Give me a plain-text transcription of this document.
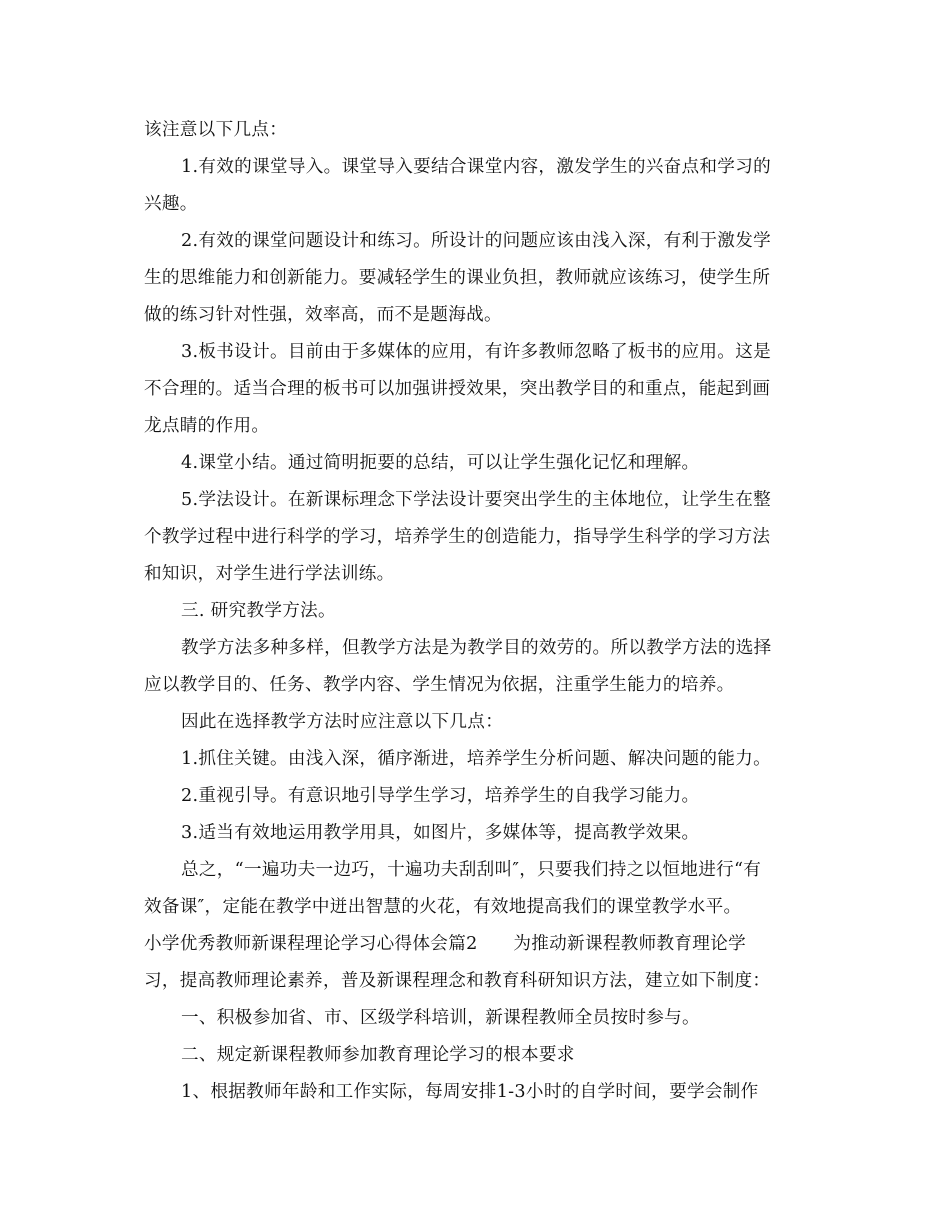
该注意以下几点：

1.有效的课堂导入。课堂导入要结合课堂内容，激发学生的兴奋点和学习的

兴趣。

2.有效的课堂问题设计和练习。所设计的问题应该由浅入深，有利于激发学

生的思维能力和创新能力。要减轻学生的课业负担，教师就应该练习，使学生所

做的练习针对性强，效率高，而不是题海战。

3.板书设计。目前由于多媒体的应用，有许多教师忽略了板书的应用。这是

不合理的。适当合理的板书可以加强讲授效果，突出教学目的和重点，能起到画

龙点睛的作用。

4.课堂小结。通过简明扼要的总结，可以让学生强化记忆和理解。

5.学法设计。在新课标理念下学法设计要突出学生的主体地位，让学生在整

个教学过程中进行科学的学习，培养学生的创造能力，指导学生科学的学习方法

和知识，对学生进行学法训练。

三. 研究教学方法。

教学方法多种多样，但教学方法是为教学目的效劳的。所以教学方法的选择

应以教学目的、任务、教学内容、学生情况为依据，注重学生能力的培养。

因此在选择教学方法时应注意以下几点：

1.抓住关键。由浅入深，循序渐进，培养学生分析问题、解决问题的能力。

2.重视引导。有意识地引导学生学习，培养学生的自我学习能力。

3.适当有效地运用教学用具，如图片，多媒体等，提高教学效果。

总之，“一遍功夫一边巧，十遍功夫刮刮叫″，只要我们持之以恒地进行“有

效备课″，定能在教学中迸出智慧的火花，有效地提高我们的课堂教学水平。

小学优秀教师新课程理论学习心得体会篇2　　为推动新课程教师教育理论学

习，提高教师理论素养，普及新课程理念和教育科研知识方法，建立如下制度：

一、积极参加省、市、区级学科培训，新课程教师全员按时参与。

二、规定新课程教师参加教育理论学习的根本要求

1、根据教师年龄和工作实际，每周安排1-3小时的自学时间，要学会制作
